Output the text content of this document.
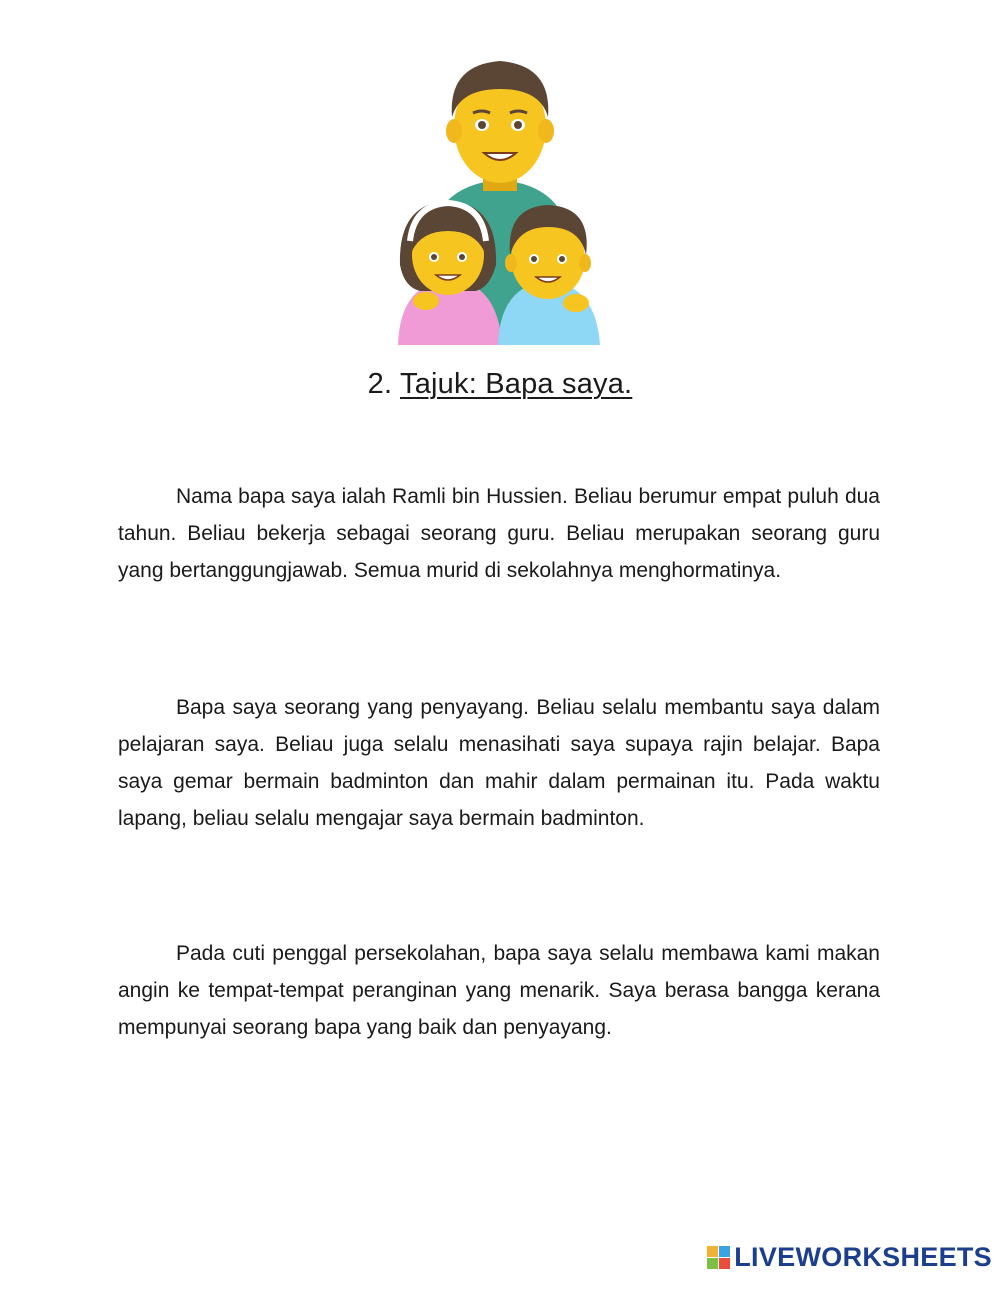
2. Tajuk: Bapa saya.

Nama bapa saya ialah Ramli bin Hussien. Beliau berumur empat puluh dua tahun. Beliau bekerja sebagai seorang guru. Beliau merupakan seorang guru yang bertanggungjawab. Semua murid di sekolahnya menghormatinya.

Bapa saya seorang yang penyayang. Beliau selalu membantu saya dalam pelajaran saya. Beliau juga selalu menasihati saya supaya rajin belajar. Bapa saya gemar bermain badminton dan mahir dalam permainan itu. Pada waktu lapang, beliau selalu mengajar saya bermain badminton.

Pada cuti penggal persekolahan, bapa saya selalu membawa kami makan angin ke tempat-tempat peranginan yang menarik. Saya berasa bangga kerana mempunyai seorang bapa yang baik dan penyayang.

LIVEWORKSHEETS
